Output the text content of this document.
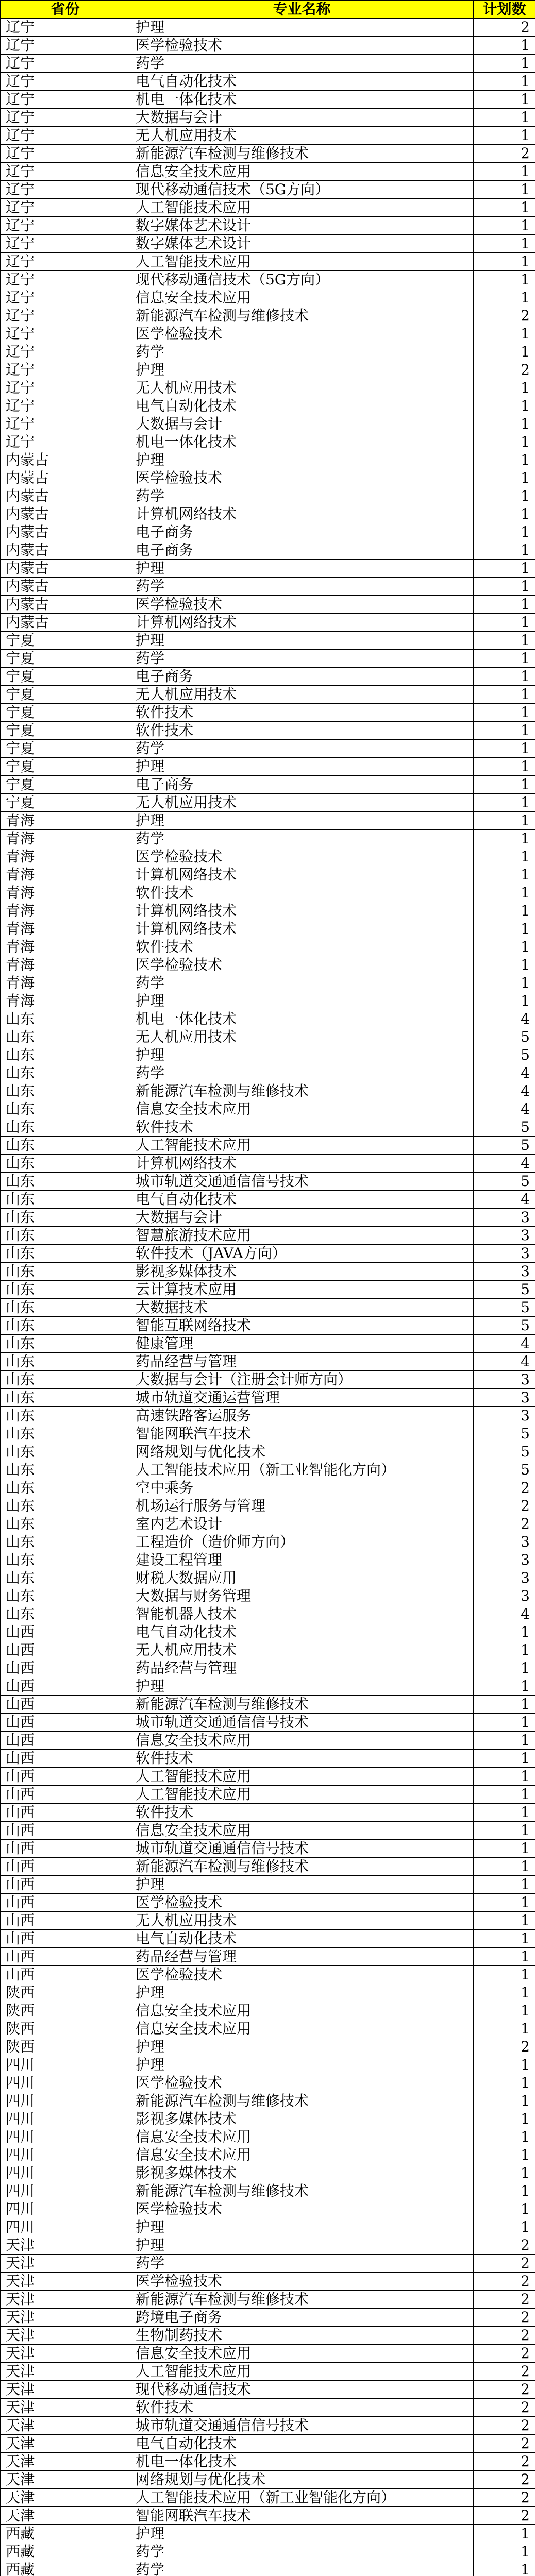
省份	专业名称	计划数
辽宁	护理	2
辽宁	医学检验技术	1
辽宁	药学	1
辽宁	电气自动化技术	1
辽宁	机电一体化技术	1
辽宁	大数据与会计	1
辽宁	无人机应用技术	1
辽宁	新能源汽车检测与维修技术	2
辽宁	信息安全技术应用	1
辽宁	现代移动通信技术（5G方向）	1
辽宁	人工智能技术应用	1
辽宁	数字媒体艺术设计	1
辽宁	数字媒体艺术设计	1
辽宁	人工智能技术应用	1
辽宁	现代移动通信技术（5G方向）	1
辽宁	信息安全技术应用	1
辽宁	新能源汽车检测与维修技术	2
辽宁	医学检验技术	1
辽宁	药学	1
辽宁	护理	2
辽宁	无人机应用技术	1
辽宁	电气自动化技术	1
辽宁	大数据与会计	1
辽宁	机电一体化技术	1
内蒙古	护理	1
内蒙古	医学检验技术	1
内蒙古	药学	1
内蒙古	计算机网络技术	1
内蒙古	电子商务	1
内蒙古	电子商务	1
内蒙古	护理	1
内蒙古	药学	1
内蒙古	医学检验技术	1
内蒙古	计算机网络技术	1
宁夏	护理	1
宁夏	药学	1
宁夏	电子商务	1
宁夏	无人机应用技术	1
宁夏	软件技术	1
宁夏	软件技术	1
宁夏	药学	1
宁夏	护理	1
宁夏	电子商务	1
宁夏	无人机应用技术	1
青海	护理	1
青海	药学	1
青海	医学检验技术	1
青海	计算机网络技术	1
青海	软件技术	1
青海	计算机网络技术	1
青海	计算机网络技术	1
青海	软件技术	1
青海	医学检验技术	1
青海	药学	1
青海	护理	1
山东	机电一体化技术	4
山东	无人机应用技术	5
山东	护理	5
山东	药学	4
山东	新能源汽车检测与维修技术	4
山东	信息安全技术应用	4
山东	软件技术	5
山东	人工智能技术应用	5
山东	计算机网络技术	4
山东	城市轨道交通通信信号技术	5
山东	电气自动化技术	4
山东	大数据与会计	3
山东	智慧旅游技术应用	3
山东	软件技术（JAVA方向）	3
山东	影视多媒体技术	3
山东	云计算技术应用	5
山东	大数据技术	5
山东	智能互联网络技术	5
山东	健康管理	4
山东	药品经营与管理	4
山东	大数据与会计（注册会计师方向）	3
山东	城市轨道交通运营管理	3
山东	高速铁路客运服务	3
山东	智能网联汽车技术	5
山东	网络规划与优化技术	5
山东	人工智能技术应用（新工业智能化方向）	5
山东	空中乘务	2
山东	机场运行服务与管理	2
山东	室内艺术设计	2
山东	工程造价（造价师方向）	3
山东	建设工程管理	3
山东	财税大数据应用	3
山东	大数据与财务管理	3
山东	智能机器人技术	4
山西	电气自动化技术	1
山西	无人机应用技术	1
山西	药品经营与管理	1
山西	护理	1
山西	新能源汽车检测与维修技术	1
山西	城市轨道交通通信信号技术	1
山西	信息安全技术应用	1
山西	软件技术	1
山西	人工智能技术应用	1
山西	人工智能技术应用	1
山西	软件技术	1
山西	信息安全技术应用	1
山西	城市轨道交通通信信号技术	1
山西	新能源汽车检测与维修技术	1
山西	护理	1
山西	医学检验技术	1
山西	无人机应用技术	1
山西	电气自动化技术	1
山西	药品经营与管理	1
山西	医学检验技术	1
陕西	护理	1
陕西	信息安全技术应用	1
陕西	信息安全技术应用	1
陕西	护理	2
四川	护理	1
四川	医学检验技术	1
四川	新能源汽车检测与维修技术	1
四川	影视多媒体技术	1
四川	信息安全技术应用	1
四川	信息安全技术应用	1
四川	影视多媒体技术	1
四川	新能源汽车检测与维修技术	1
四川	医学检验技术	1
四川	护理	1
天津	护理	2
天津	药学	2
天津	医学检验技术	2
天津	新能源汽车检测与维修技术	2
天津	跨境电子商务	2
天津	生物制药技术	2
天津	信息安全技术应用	2
天津	人工智能技术应用	2
天津	现代移动通信技术	2
天津	软件技术	2
天津	城市轨道交通通信信号技术	2
天津	电气自动化技术	2
天津	机电一体化技术	2
天津	网络规划与优化技术	2
天津	人工智能技术应用（新工业智能化方向）	2
天津	智能网联汽车技术	2
西藏	护理	1
西藏	药学	1
西藏	药学	1
